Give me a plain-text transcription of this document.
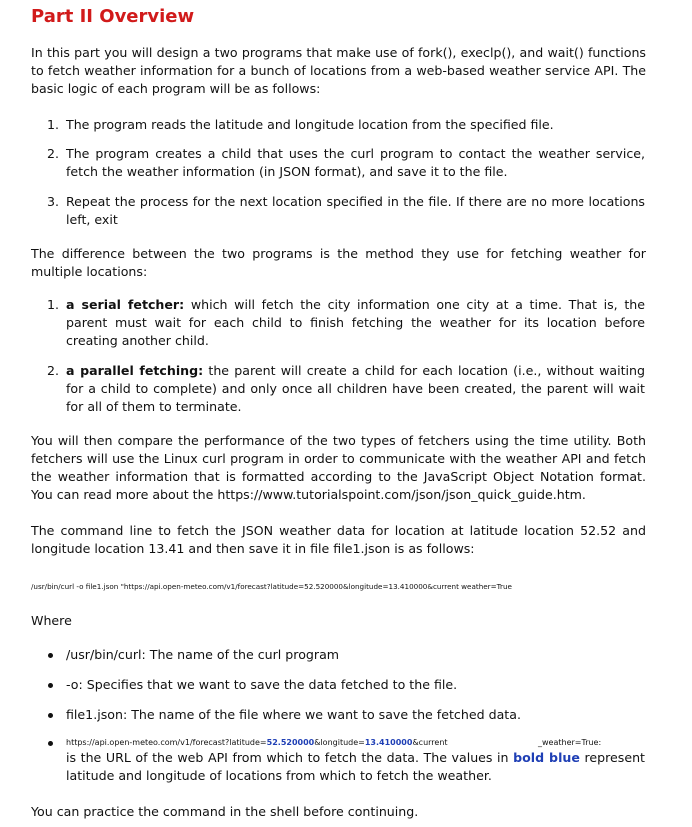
Part II Overview

In this part you will design a two programs that make use of fork(), execlp(), and wait() functions to fetch weather information for a bunch of locations from a web-based weather service API. The basic logic of each program will be as follows:

1. The program reads the latitude and longitude location from the specified file.
2. The program creates a child that uses the curl program to contact the weather service, fetch the weather information (in JSON format), and save it to the file.
3. Repeat the process for the next location specified in the file. If there are no more locations left, exit

The difference between the two programs is the method they use for fetching weather for multiple locations:

1. a serial fetcher: which will fetch the city information one city at a time. That is, the parent must wait for each child to finish fetching the weather for its location before creating another child.
2. a parallel fetching: the parent will create a child for each location (i.e., without waiting for a child to complete) and only once all children have been created, the parent will wait for all of them to terminate.

You will then compare the performance of the two types of fetchers using the time utility. Both fetchers will use the Linux curl program in order to communicate with the weather API and fetch the weather information that is formatted according to the JavaScript Object Notation format. You can read more about the https://www.tutorialspoint.com/json/json_quick_guide.htm.

The command line to fetch the JSON weather data for location at latitude location 52.52 and longitude location 13.41 and then save it in file file1.json is as follows:

/usr/bin/curl -o file1.json "https://api.open-meteo.com/v1/forecast?latitude=52.520000&longitude=13.410000&current weather=True

Where

/usr/bin/curl: The name of the curl program
-o: Specifies that we want to save the data fetched to the file.
file1.json: The name of the file where we want to save the fetched data.
https://api.open-meteo.com/v1/forecast?latitude=52.520000&longitude=13.410000&current	_weather=True:
is the URL of the web API from which to fetch the data. The values in bold blue represent latitude and longitude of locations from which to fetch the weather.

You can practice the command in the shell before continuing.
